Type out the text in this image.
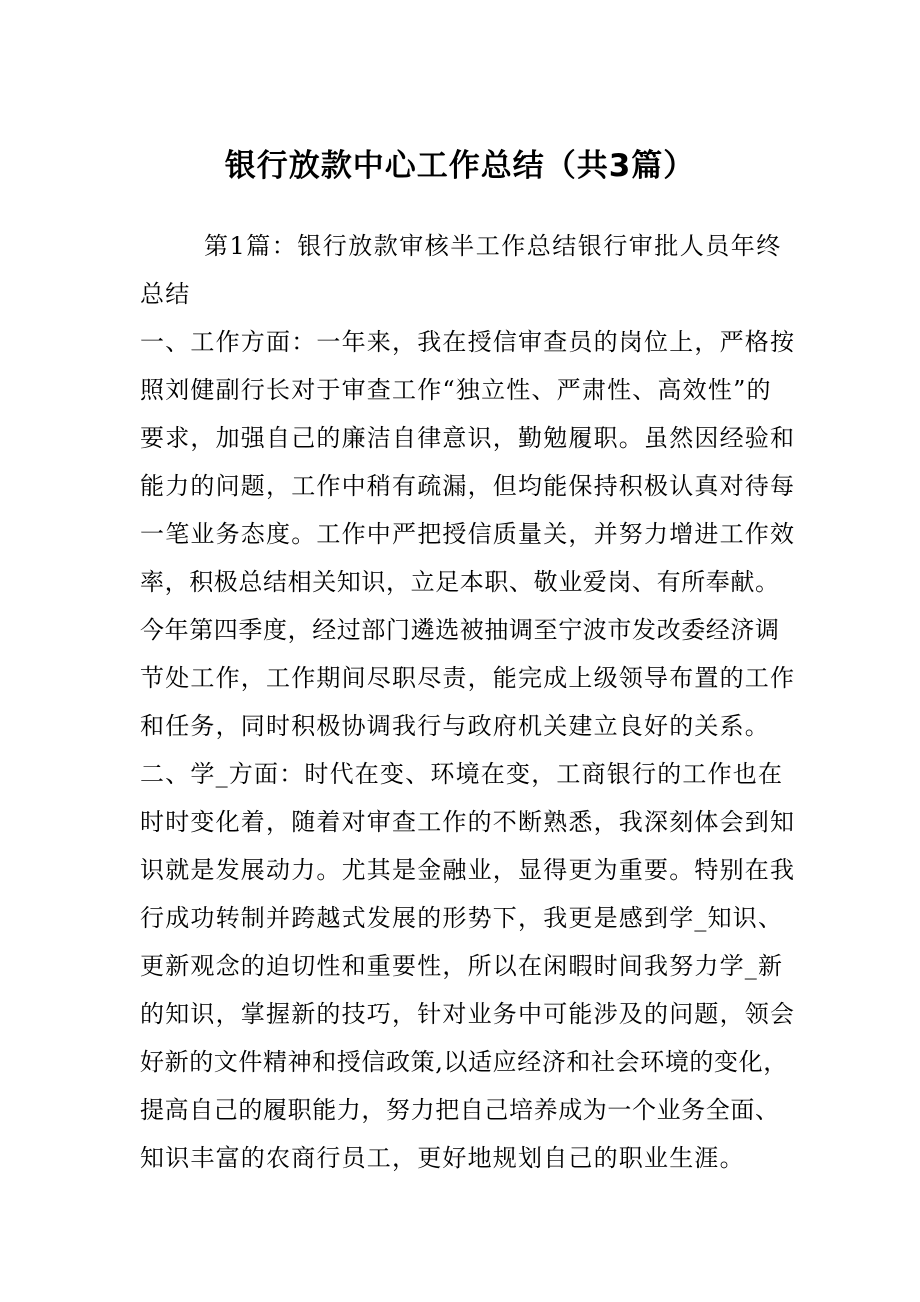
银行放款中心工作总结（共3篇）
第1篇：银行放款审核半工作总结银行审批人员年终
总结
一、工作方面：一年来，我在授信审查员的岗位上，严格按
照刘健副行长对于审查工作“独立性、严肃性、高效性”的
要求，加强自己的廉洁自律意识，勤勉履职。虽然因经验和
能力的问题，工作中稍有疏漏，但均能保持积极认真对待每
一笔业务态度。工作中严把授信质量关，并努力增进工作效
率，积极总结相关知识，立足本职、敬业爱岗、有所奉献。
今年第四季度，经过部门遴选被抽调至宁波市发改委经济调
节处工作，工作期间尽职尽责，能完成上级领导布置的工作
和任务，同时积极协调我行与政府机关建立良好的关系。
二、学_方面：时代在变、环境在变，工商银行的工作也在
时时变化着，随着对审查工作的不断熟悉，我深刻体会到知
识就是发展动力。尤其是金融业，显得更为重要。特别在我
行成功转制并跨越式发展的形势下，我更是感到学_知识、
更新观念的迫切性和重要性，所以在闲暇时间我努力学_新
的知识，掌握新的技巧，针对业务中可能涉及的问题，领会
好新的文件精神和授信政策,以适应经济和社会环境的变化，
提高自己的履职能力，努力把自己培养成为一个业务全面、
知识丰富的农商行员工，更好地规划自己的职业生涯。
